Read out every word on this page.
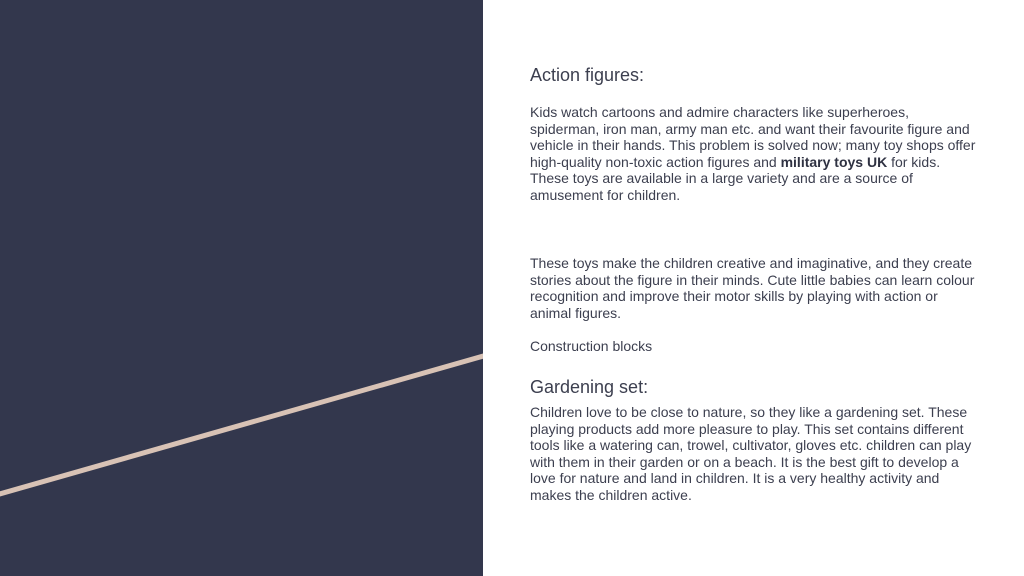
Action figures:

Kids watch cartoons and admire characters like superheroes, spiderman, iron man, army man etc. and want their favourite figure and vehicle in their hands. This problem is solved now; many toy shops offer high-quality non-toxic action figures and military toys UK for kids. These toys are available in a large variety and are a source of amusement for children.

These toys make the children creative and imaginative, and they create stories about the figure in their minds. Cute little babies can learn colour recognition and improve their motor skills by playing with action or animal figures.

Construction blocks

Gardening set:

Children love to be close to nature, so they like a gardening set. These playing products add more pleasure to play. This set contains different tools like a watering can, trowel, cultivator, gloves etc. children can play with them in their garden or on a beach. It is the best gift to develop a love for nature and land in children. It is a very healthy activity and makes the children active.
